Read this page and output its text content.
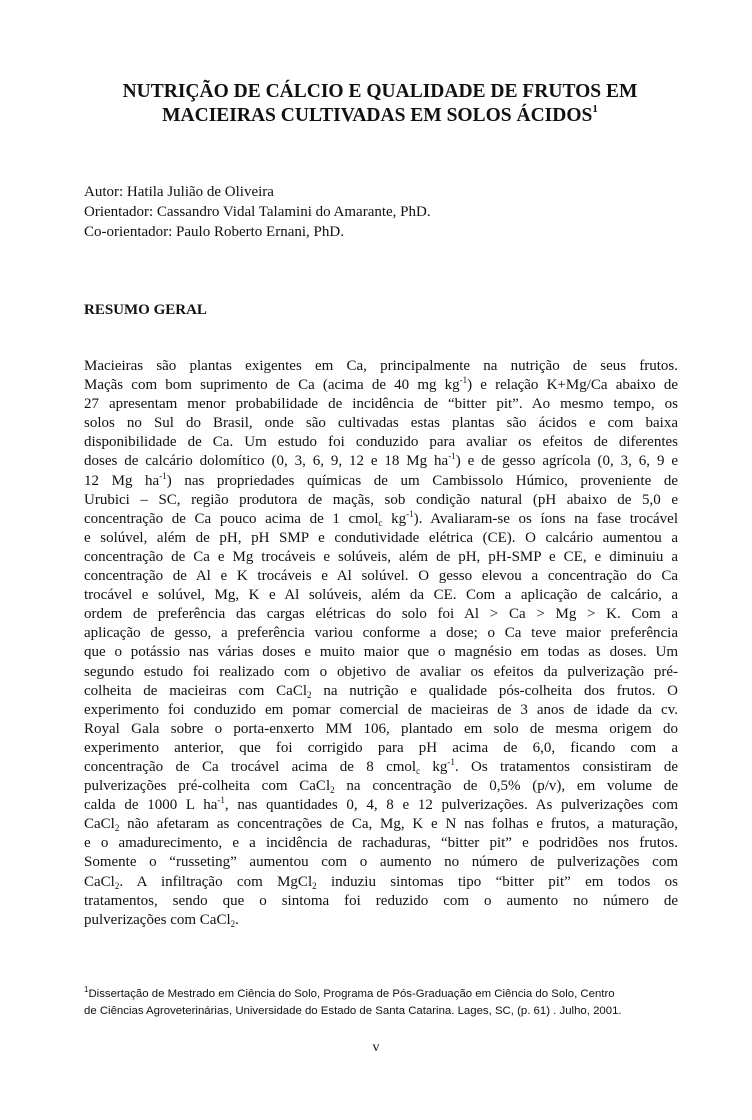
NUTRIÇÃO DE CÁLCIO E QUALIDADE DE FRUTOS EM
MACIEIRAS CULTIVADAS EM SOLOS ÁCIDOS$^1$
Autor: Hatila Julião de Oliveira
Orientador: Cassandro Vidal Talamini do Amarante, PhD.
Co-orientador: Paulo Roberto Ernani, PhD.
RESUMO GERAL
Macieiras são plantas exigentes em Ca, principalmente na nutrição de seus frutos.
Maçãs com bom suprimento de Ca (acima de 40 mg $kg^{-1}$) e relação K+Mg/Ca abaixo de
27 apresentam menor probabilidade de incidência de “bitter pit”. Ao mesmo tempo, os
solos no Sul do Brasil, onde são cultivadas estas plantas são ácidos e com baixa
disponibilidade de Ca. Um estudo foi conduzido para avaliar os efeitos de diferentes
doses de calcário dolomítico (0, 3, 6, 9, 12 e 18 Mg $ha^{-1}$) e de gesso agrícola (0, 3, 6, 9 e
12 Mg $ha^{-1}$) nas propriedades químicas de um Cambissolo Húmico, proveniente de
Urubici – SC, região produtora de maçãs, sob condição natural (pH abaixo de 5,0 e
concentração de Ca pouco acima de 1 cmol$_c$ $kg^{-1}$). Avaliaram-se os íons na fase trocável
e solúvel, além de pH, pH SMP e condutividade elétrica (CE). O calcário aumentou a
concentração de Ca e Mg trocáveis e solúveis, além de pH, pH-SMP e CE, e diminuiu a
concentração de Al e K trocáveis e Al solúvel. O gesso elevou a concentração do Ca
trocável e solúvel, Mg, K e Al solúveis, além da CE. Com a aplicação de calcário, a
ordem de preferência das cargas elétricas do solo foi Al > Ca > Mg > K. Com a
aplicação de gesso, a preferência variou conforme a dose; o Ca teve maior preferência
que o potássio nas várias doses e muito maior que o magnésio em todas as doses. Um
segundo estudo foi realizado com o objetivo de avaliar os efeitos da pulverização pré-
colheita de macieiras com CaCl$_2$ na nutrição e qualidade pós-colheita dos frutos. O
experimento foi conduzido em pomar comercial de macieiras de 3 anos de idade da cv.
Royal Gala sobre o porta-enxerto MM 106, plantado em solo de mesma origem do
experimento anterior, que foi corrigido para pH acima de 6,0, ficando com a
concentração de Ca trocável acima de 8 cmol$_c$ $kg^{-1}$. Os tratamentos consistiram de
pulverizações pré-colheita com CaCl$_2$ na concentração de 0,5% (p/v), em volume de
calda de 1000 L $ha^{-1}$, nas quantidades 0, 4, 8 e 12 pulverizações. As pulverizações com
CaCl$_2$ não afetaram as concentrações de Ca, Mg, K e N nas folhas e frutos, a maturação,
e o amadurecimento, e a incidência de rachaduras, “bitter pit” e podridões nos frutos.
Somente o “russeting” aumentou com o aumento no número de pulverizações com
CaCl$_2$. A infiltração com MgCl$_2$ induziu sintomas tipo “bitter pit” em todos os
tratamentos, sendo que o sintoma foi reduzido com o aumento no número de
pulverizações com CaCl$_2$.
$^1$Dissertação de Mestrado em Ciência do Solo, Programa de Pós-Graduação em Ciência do Solo, Centro
de Ciências Agroveterinárias, Universidade do Estado de Santa Catarina. Lages, SC, (p. 61) . Julho, 2001.
v
